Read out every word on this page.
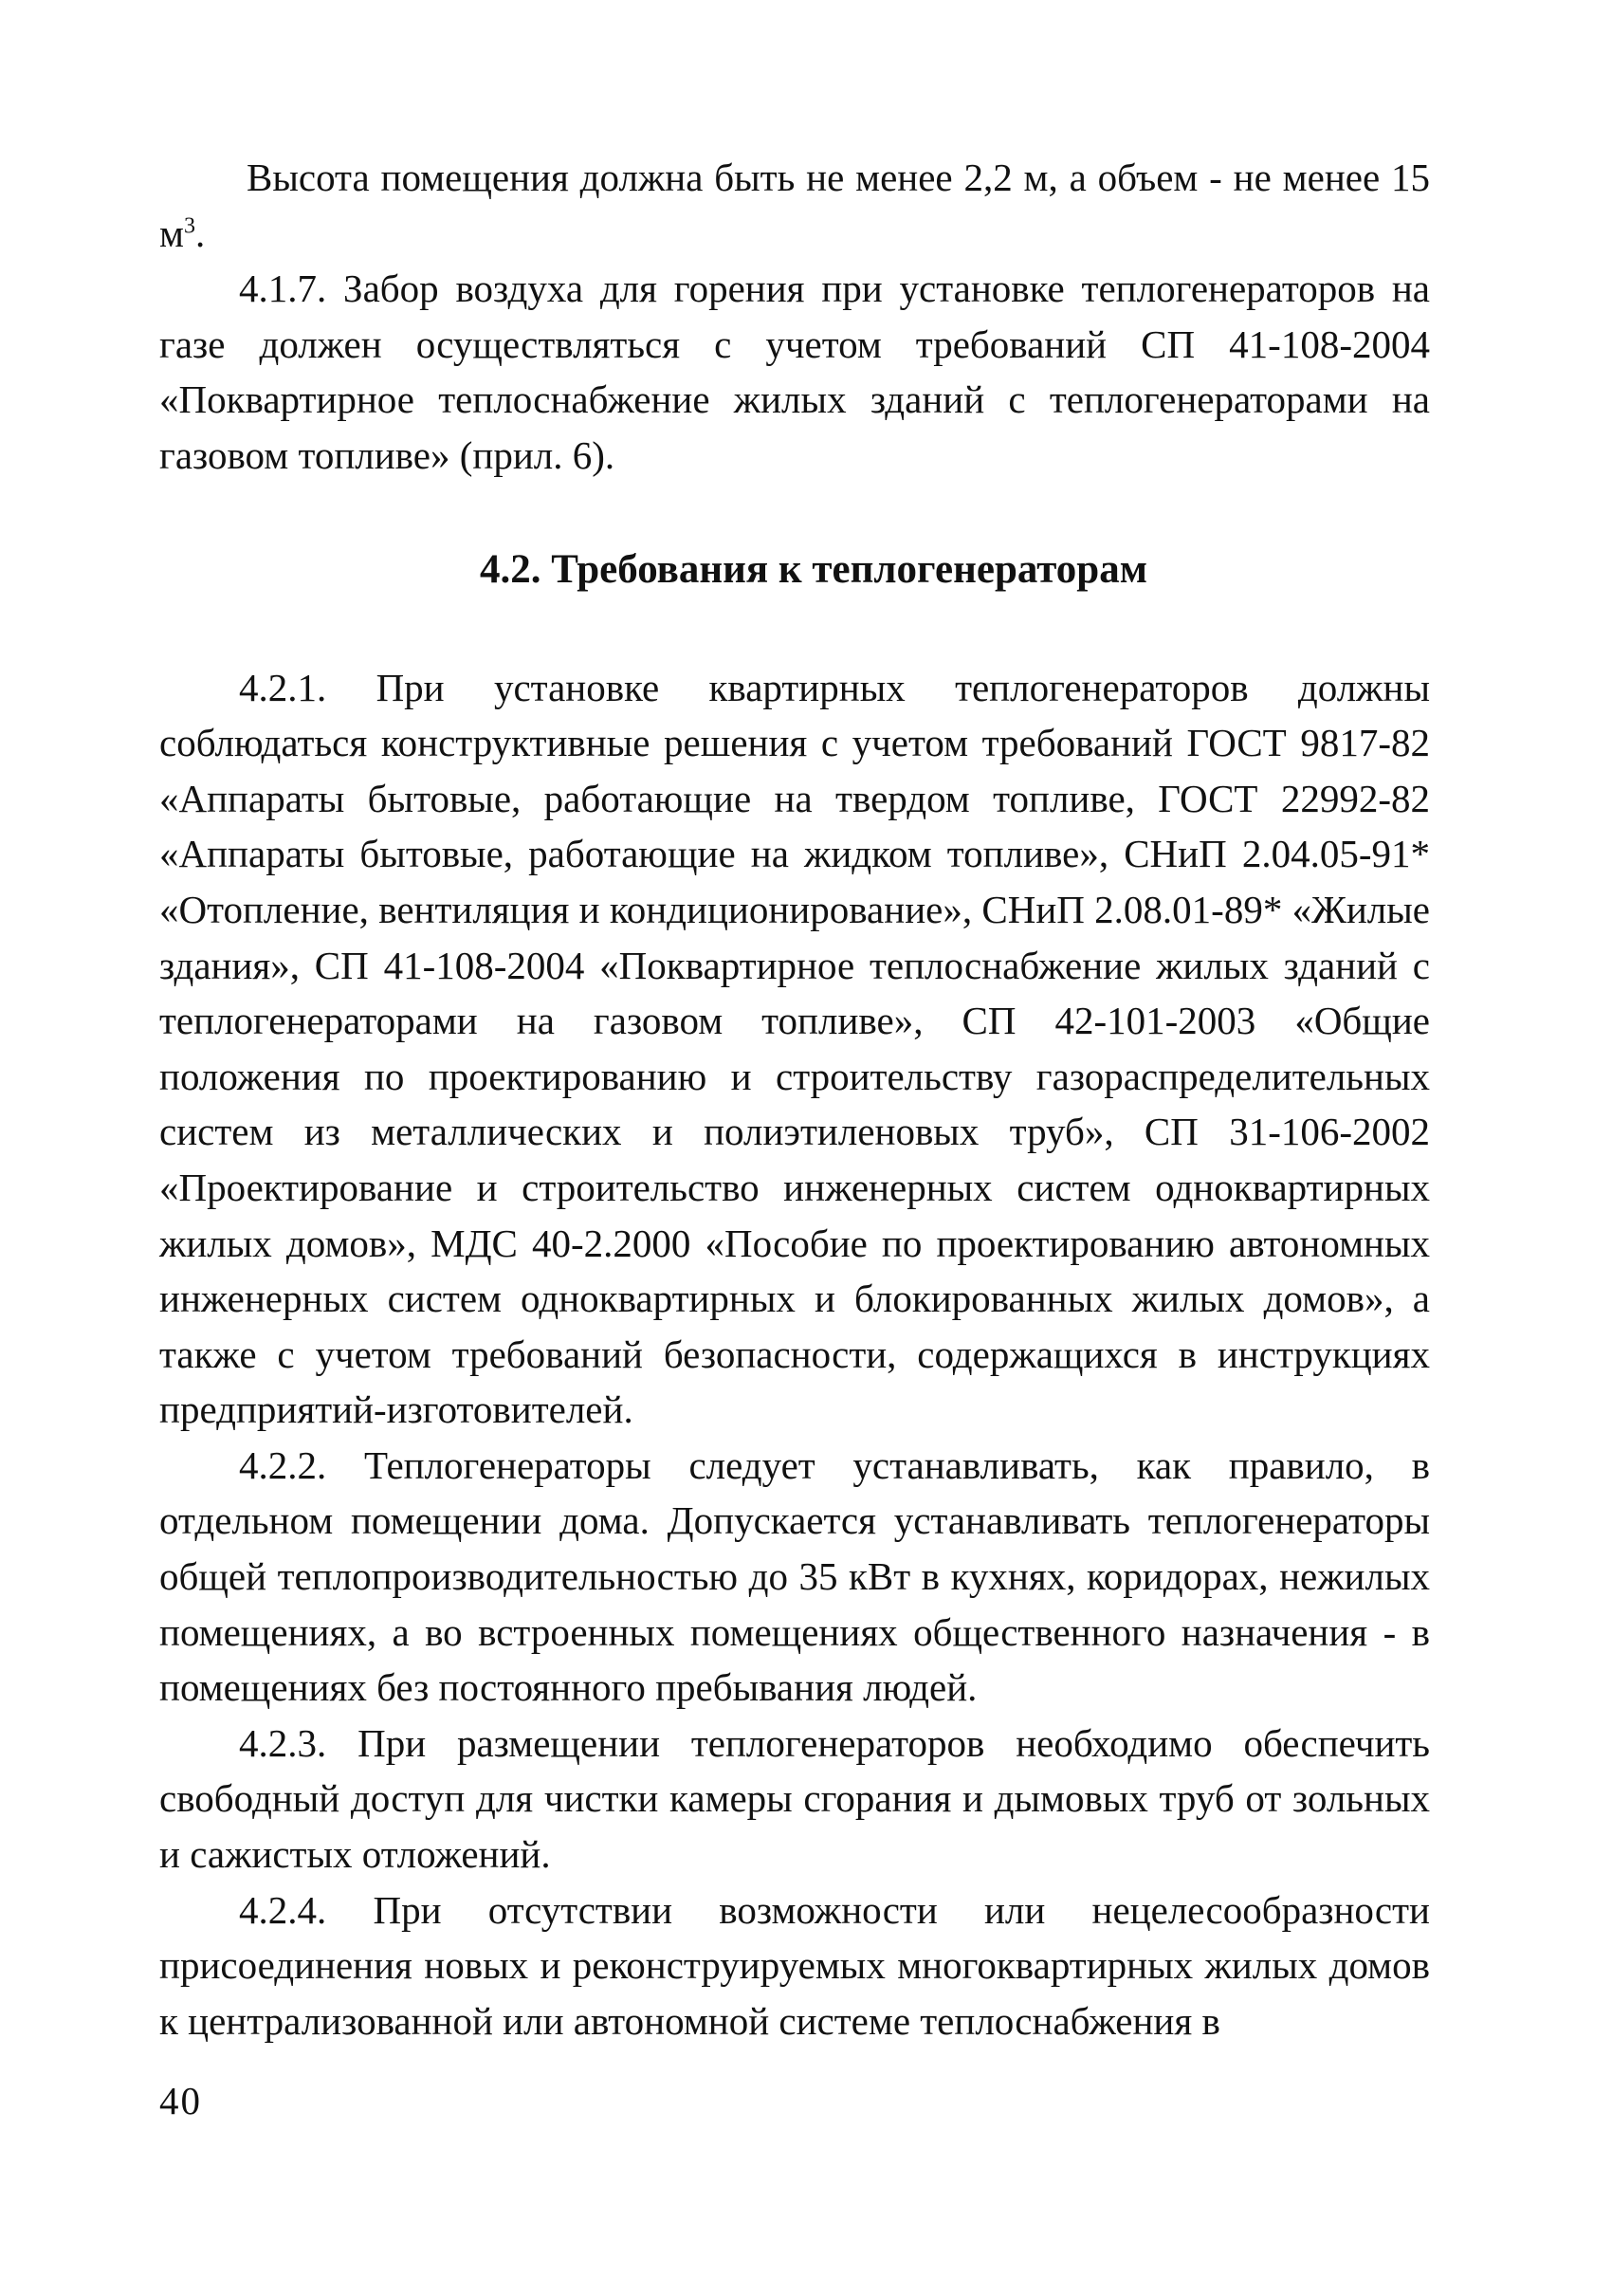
Высота помещения должна быть не менее 2,2 м, а объем - не менее 15 $м^3$.

4.1.7. Забор воздуха для горения при установке теплогенераторов на газе должен осуществляться с учетом требований СП 41-108-2004 «Поквартирное теплоснабжение жилых зданий с теплогенераторами на газовом топливе» (прил. 6).

4.2. Требования к теплогенераторам

4.2.1. При установке квартирных теплогенераторов должны соблюдаться конструктивные решения с учетом требований ГОСТ 9817-82 «Аппараты бытовые, работающие на твердом топливе, ГОСТ 22992-82 «Аппараты бытовые, работающие на жидком топливе», СНиП 2.04.05-91* «Отопление, вентиляция и кондиционирование», СНиП 2.08.01-89* «Жилые здания», СП 41-108-2004 «Поквартирное теплоснабжение жилых зданий с теплогенераторами на газовом топливе», СП 42-101-2003 «Общие положения по проектированию и строительству газораспределительных систем из металлических и полиэтиленовых труб», СП 31-106-2002 «Проектирование и строительство инженерных систем одноквартирных жилых домов», МДС 40-2.2000 «Пособие по проектированию автономных инженерных систем одноквартирных и блокированных жилых домов», а также с учетом требований безопасности, содержащихся в инструкциях предприятий-изготовителей.

4.2.2. Теплогенераторы следует устанавливать, как правило, в отдельном помещении дома. Допускается устанавливать теплогенераторы общей теплопроизводительностью до 35 кВт в кухнях, коридорах, нежилых помещениях, а во встроенных помещениях общественного назначения - в помещениях без постоянного пребывания людей.

4.2.3. При размещении теплогенераторов необходимо обеспечить свободный доступ для чистки камеры сгорания и дымовых труб от зольных и сажистых отложений.

4.2.4. При отсутствии возможности или нецелесообразности присоединения новых и реконструируемых многоквартирных жилых домов к централизованной или автономной системе теплоснабжения в

40
